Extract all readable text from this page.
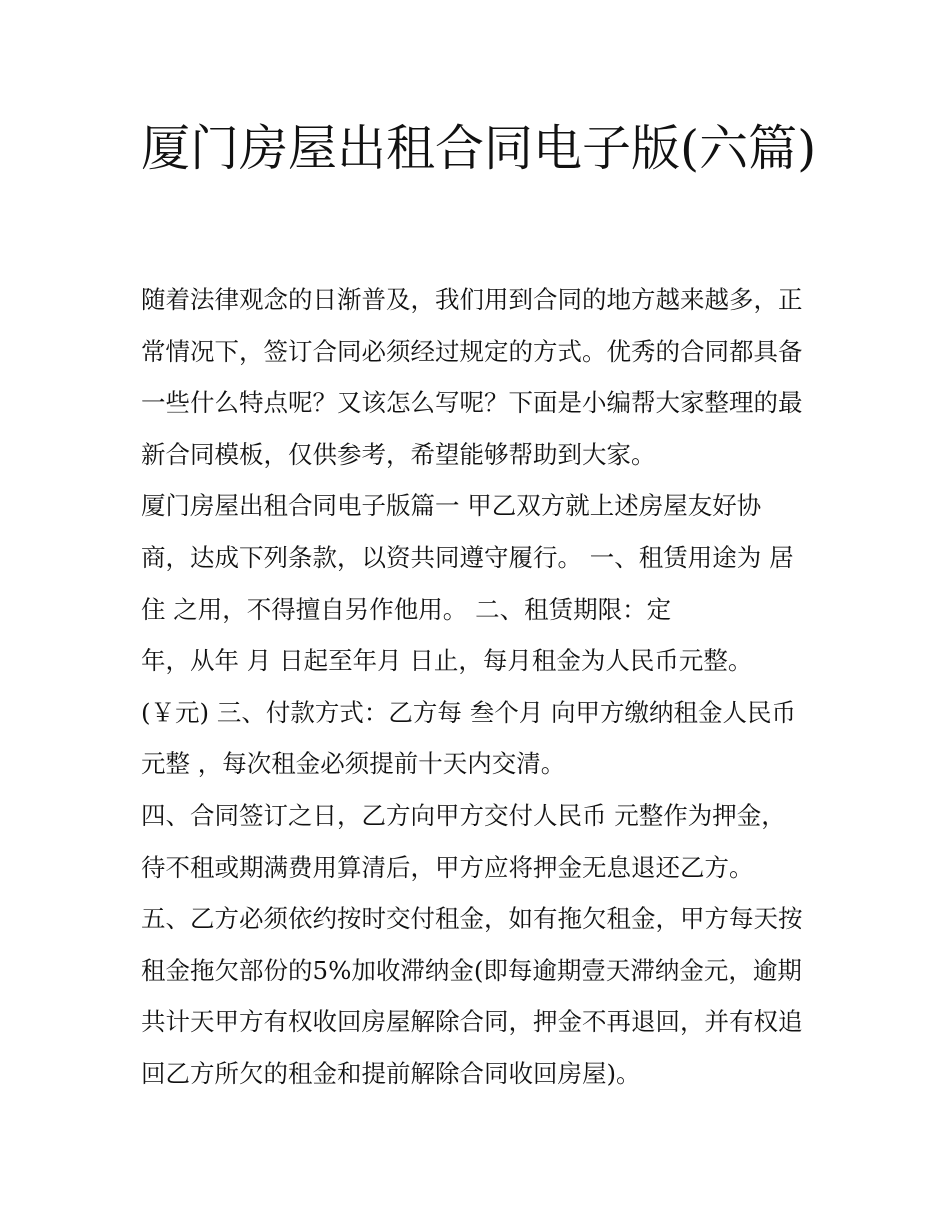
厦门房屋出租合同电子版(六篇)
随着法律观念的日渐普及，我们用到合同的地方越来越多，正
常情况下，签订合同必须经过规定的方式。优秀的合同都具备
一些什么特点呢？又该怎么写呢？下面是小编帮大家整理的最
新合同模板，仅供参考，希望能够帮助到大家。
厦门房屋出租合同电子版篇一 甲乙双方就上述房屋友好协
商，达成下列条款，以资共同遵守履行。 一、租赁用途为 居
住 之用，不得擅自另作他用。 二、租赁期限：定
年，从年 月 日起至年月 日止，每月租金为人民币元整。
(￥元) 三、付款方式：乙方每 叁个月 向甲方缴纳租金人民币
元整 ，每次租金必须提前十天内交清。
四、合同签订之日，乙方向甲方交付人民币 元整作为押金，
待不租或期满费用算清后，甲方应将押金无息退还乙方。
五、乙方必须依约按时交付租金，如有拖欠租金，甲方每天按
租金拖欠部份的5%加收滞纳金(即每逾期壹天滞纳金元，逾期
共计天甲方有权收回房屋解除合同，押金不再退回，并有权追
回乙方所欠的租金和提前解除合同收回房屋)。
